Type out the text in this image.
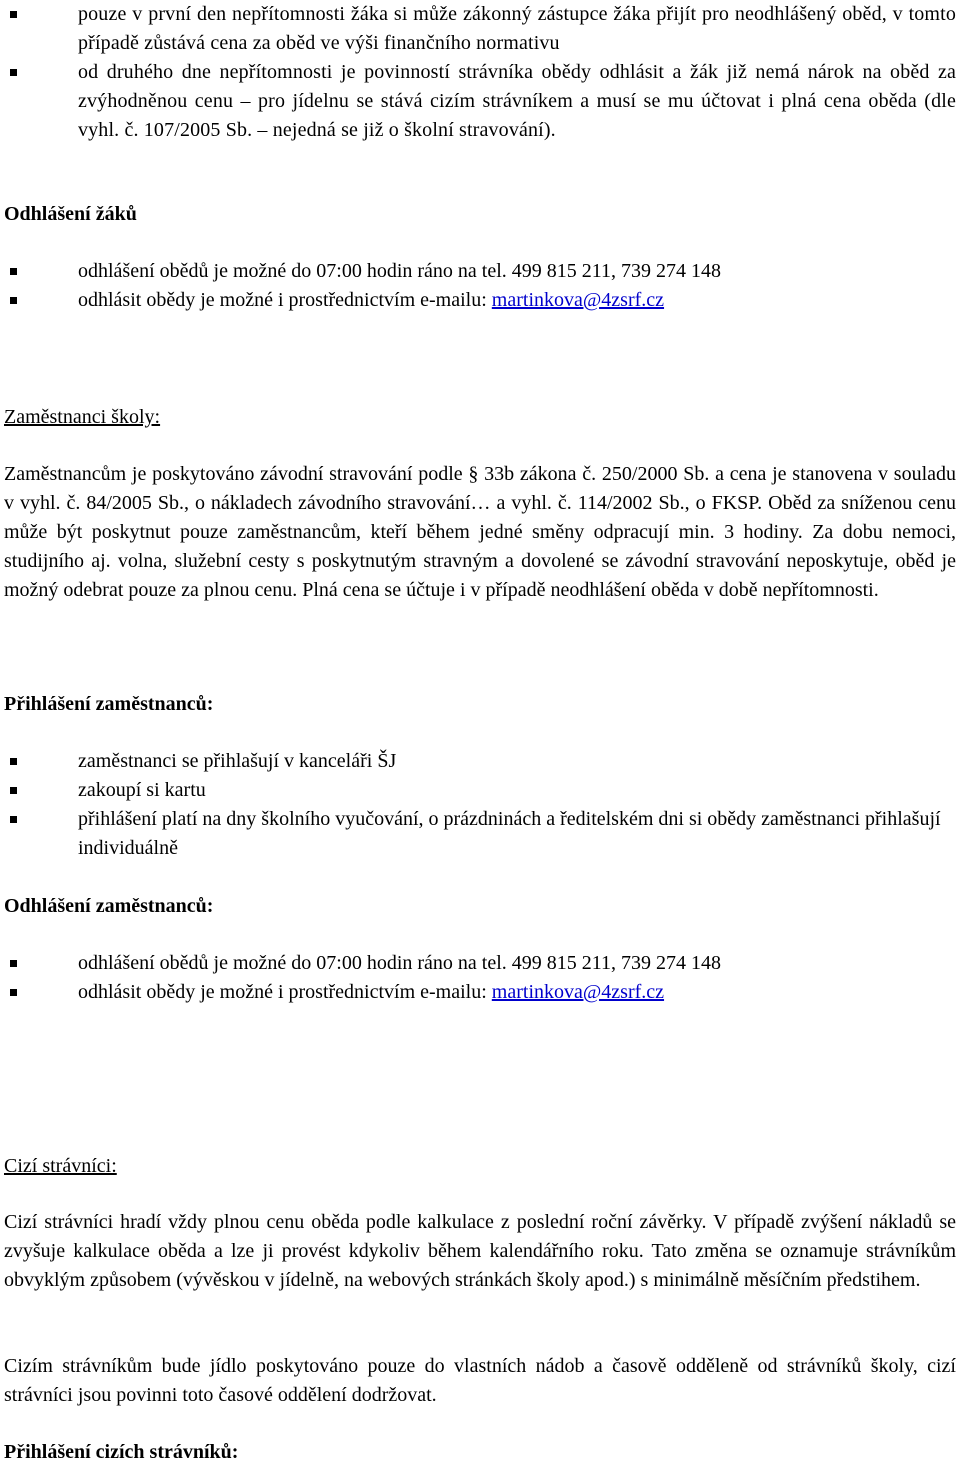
pouze v první den nepřítomnosti žáka si může zákonný zástupce žáka přijít pro neodhlášený oběd, v tomto případě zůstává cena za oběd ve výši finančního normativu
od druhého dne nepřítomnosti je povinností strávníka obědy odhlásit a žák již nemá nárok na oběd za zvýhodněnou cenu – pro jídelnu se stává cizím strávníkem a musí se mu účtovat i plná cena oběda (dle vyhl. č. 107/2005 Sb. – nejedná se již o školní stravování).
Odhlášení žáků
odhlášení obědů je možné do 07:00 hodin ráno na tel. 499 815 211, 739 274 148
odhlásit obědy je možné i prostřednictvím e-mailu: martinkova@4zsrf.cz
Zaměstnanci školy:
Zaměstnancům je poskytováno závodní stravování podle § 33b zákona č. 250/2000 Sb. a cena je stanovena v souladu v vyhl. č. 84/2005 Sb., o nákladech závodního stravování… a vyhl. č. 114/2002 Sb., o FKSP. Oběd za sníženou cenu může být poskytnut pouze zaměstnancům, kteří během jedné směny odpracují min. 3 hodiny. Za dobu nemoci, studijního aj. volna, služební cesty s poskytnutým stravným a dovolené se závodní stravování neposkytuje, oběd je možný odebrat pouze za plnou cenu. Plná cena se účtuje i v případě neodhlášení oběda v době nepřítomnosti.
Přihlášení zaměstnanců:
zaměstnanci se přihlašují v kanceláři ŠJ
zakoupí si kartu
přihlášení platí na dny školního vyučování, o prázdninách a ředitelském dni si obědy zaměstnanci přihlašují individuálně
Odhlášení zaměstnanců:
odhlášení obědů je možné do 07:00 hodin ráno na tel. 499 815 211, 739 274 148
odhlásit obědy je možné i prostřednictvím e-mailu: martinkova@4zsrf.cz
Cizí strávníci:
Cizí strávníci hradí vždy plnou cenu oběda podle kalkulace z poslední roční závěrky. V případě zvýšení nákladů se zvyšuje kalkulace oběda a lze ji provést kdykoliv během kalendářního roku. Tato změna se oznamuje strávníkům obvyklým způsobem (vývěskou v jídelně, na webových stránkách školy apod.) s minimálně měsíčním předstihem.
Cizím strávníkům bude jídlo poskytováno pouze do vlastních nádob a časově odděleně od strávníků školy, cizí strávníci jsou povinni toto časové oddělení dodržovat.
Přihlášení cizích strávníků:
